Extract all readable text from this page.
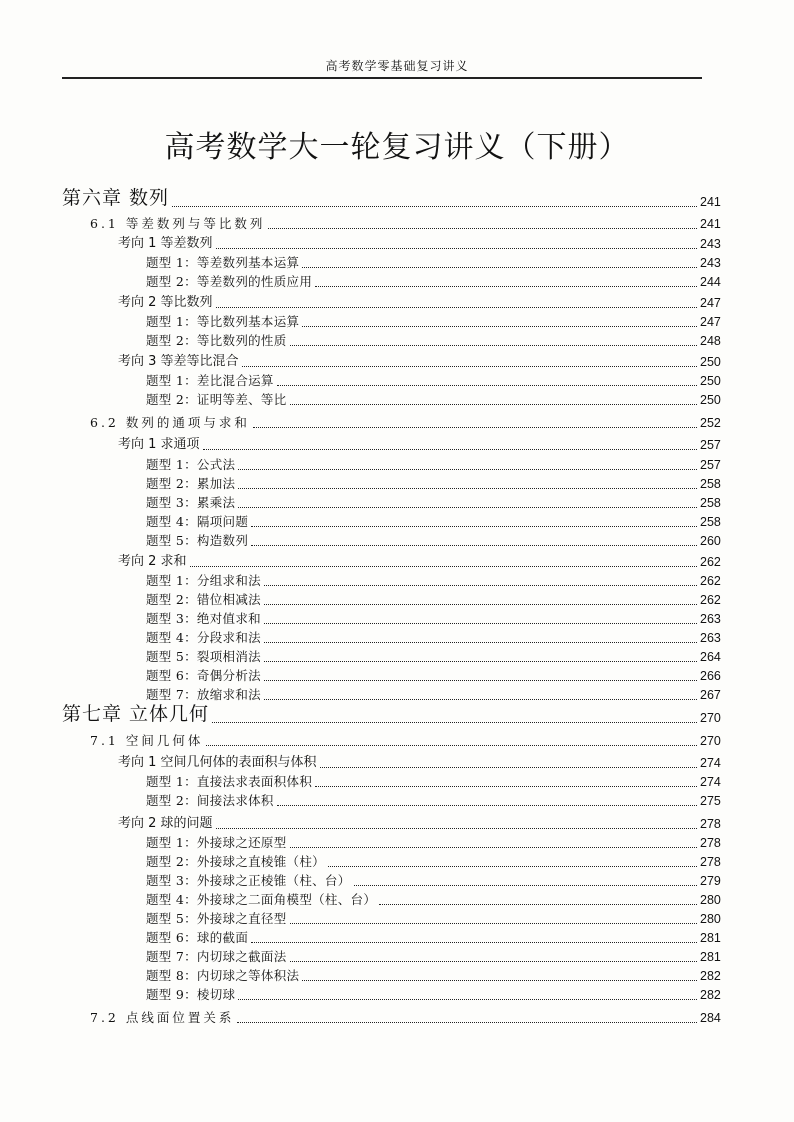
高考数学零基础复习讲义
高考数学大一轮复习讲义（下册）
第六章 数列	241
6.1 等差数列与等比数列	241
考向 1 等差数列	243
题型 1：等差数列基本运算	243
题型 2：等差数列的性质应用	244
考向 2 等比数列	247
题型 1：等比数列基本运算	247
题型 2：等比数列的性质	248
考向 3 等差等比混合	250
题型 1：差比混合运算	250
题型 2：证明等差、等比	250
6.2 数列的通项与求和	252
考向 1 求通项	257
题型 1：公式法	257
题型 2：累加法	258
题型 3：累乘法	258
题型 4：隔项问题	258
题型 5：构造数列	260
考向 2 求和	262
题型 1：分组求和法	262
题型 2：错位相减法	262
题型 3：绝对值求和	263
题型 4：分段求和法	263
题型 5：裂项相消法	264
题型 6：奇偶分析法	266
题型 7：放缩求和法	267
第七章 立体几何	270
7.1 空间几何体	270
考向 1 空间几何体的表面积与体积	274
题型 1：直接法求表面积体积	274
题型 2：间接法求体积	275
考向 2 球的问题	278
题型 1：外接球之还原型	278
题型 2：外接球之直棱锥（柱）	278
题型 3：外接球之正棱锥（柱、台）	279
题型 4：外接球之二面角模型（柱、台）	280
题型 5：外接球之直径型	280
题型 6：球的截面	281
题型 7：内切球之截面法	281
题型 8：内切球之等体积法	282
题型 9：棱切球	282
7.2 点线面位置关系	284
